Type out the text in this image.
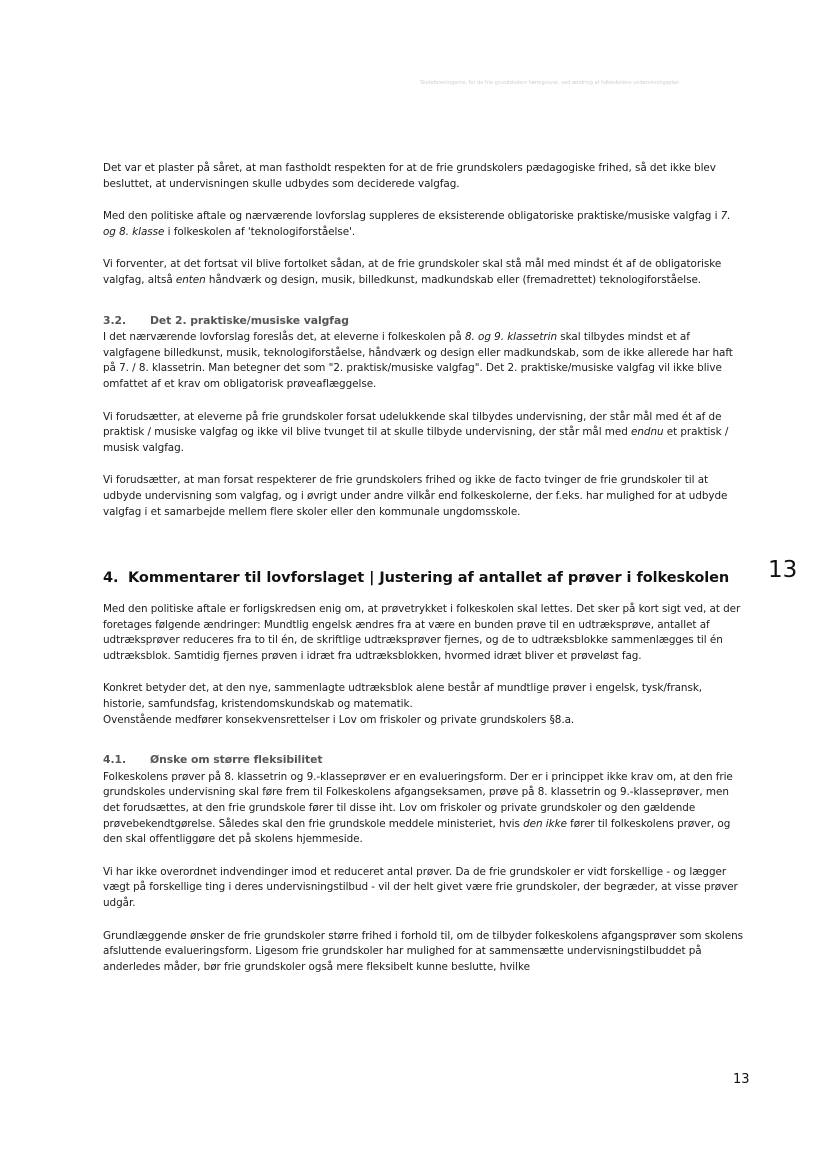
Skoleforeningerne, for de frie grundskolers høringssvar, ved ændring af folkeskolens undervisningsplan

Det var et plaster på såret, at man fastholdt respekten for at de frie grundskolers pædagogiske frihed, så det ikke blev besluttet, at undervisningen skulle udbydes som deciderede valgfag.

Med den politiske aftale og nærværende lovforslag suppleres de eksisterende obligatoriske praktiske/musiske valgfag i 7. og 8. klasse i folkeskolen af 'teknologiforståelse'.

Vi forventer, at det fortsat vil blive fortolket sådan, at de frie grundskoler skal stå mål med mindst ét af de obligatoriske valgfag, altså enten håndværk og design, musik, billedkunst, madkundskab eller (fremadrettet) teknologiforståelse.

3.2. Det 2. praktiske/musiske valgfag

I det nærværende lovforslag foreslås det, at eleverne i folkeskolen på 8. og 9. klassetrin skal tilbydes mindst et af valgfagene billedkunst, musik, teknologiforståelse, håndværk og design eller madkundskab, som de ikke allerede har haft på 7. / 8. klassetrin. Man betegner det som "2. praktisk/musiske valgfag". Det 2. praktiske/musiske valgfag vil ikke blive omfattet af et krav om obligatorisk prøveaflæggelse.

Vi forudsætter, at eleverne på frie grundskoler forsat udelukkende skal tilbydes undervisning, der står mål med ét af de praktisk / musiske valgfag og ikke vil blive tvunget til at skulle tilbyde undervisning, der står mål med endnu et praktisk / musisk valgfag.

Vi forudsætter, at man forsat respekterer de frie grundskolers frihed og ikke de facto tvinger de frie grundskoler til at udbyde undervisning som valgfag, og i øvrigt under andre vilkår end folkeskolerne, der f.eks. har mulighed for at udbyde valgfag i et samarbejde mellem flere skoler eller den kommunale ungdomsskole.

4. Kommentarer til lovforslaget | Justering af antallet af prøver i folkeskolen

Med den politiske aftale er forligskredsen enig om, at prøvetrykket i folkeskolen skal lettes. Det sker på kort sigt ved, at der foretages følgende ændringer: Mundtlig engelsk ændres fra at være en bunden prøve til en udtræksprøve, antallet af udtræksprøver reduceres fra to til én, de skriftlige udtræksprøver fjernes, og de to udtræksblokke sammenlægges til én udtræksblok. Samtidig fjernes prøven i idræt fra udtræksblokken, hvormed idræt bliver et prøveløst fag.

Konkret betyder det, at den nye, sammenlagte udtræksblok alene består af mundtlige prøver i engelsk, tysk/fransk, historie, samfundsfag, kristendomskundskab og matematik.

Ovenstående medfører konsekvensrettelser i Lov om friskoler og private grundskolers §8.a.

4.1. Ønske om større fleksibilitet

Folkeskolens prøver på 8. klassetrin og 9.-klasseprøver er en evalueringsform. Der er i princippet ikke krav om, at den frie grundskoles undervisning skal føre frem til Folkeskolens afgangseksamen, prøve på 8. klassetrin og 9.-klasseprøver, men det forudsættes, at den frie grundskole fører til disse iht. Lov om friskoler og private grundskoler og den gældende prøvebekendtgørelse. Således skal den frie grundskole meddele ministeriet, hvis den ikke fører til folkeskolens prøver, og den skal offentliggøre det på skolens hjemmeside.

Vi har ikke overordnet indvendinger imod et reduceret antal prøver. Da de frie grundskoler er vidt forskellige - og lægger vægt på forskellige ting i deres undervisningstilbud - vil der helt givet være frie grundskoler, der begræder, at visse prøver udgår.

Grundlæggende ønsker de frie grundskoler større frihed i forhold til, om de tilbyder folkeskolens afgangsprøver som skolens afsluttende evalueringsform. Ligesom frie grundskoler har mulighed for at sammensætte undervisningstilbuddet på anderledes måder, bør frie grundskoler også mere fleksibelt kunne beslutte, hvilke

13
13
